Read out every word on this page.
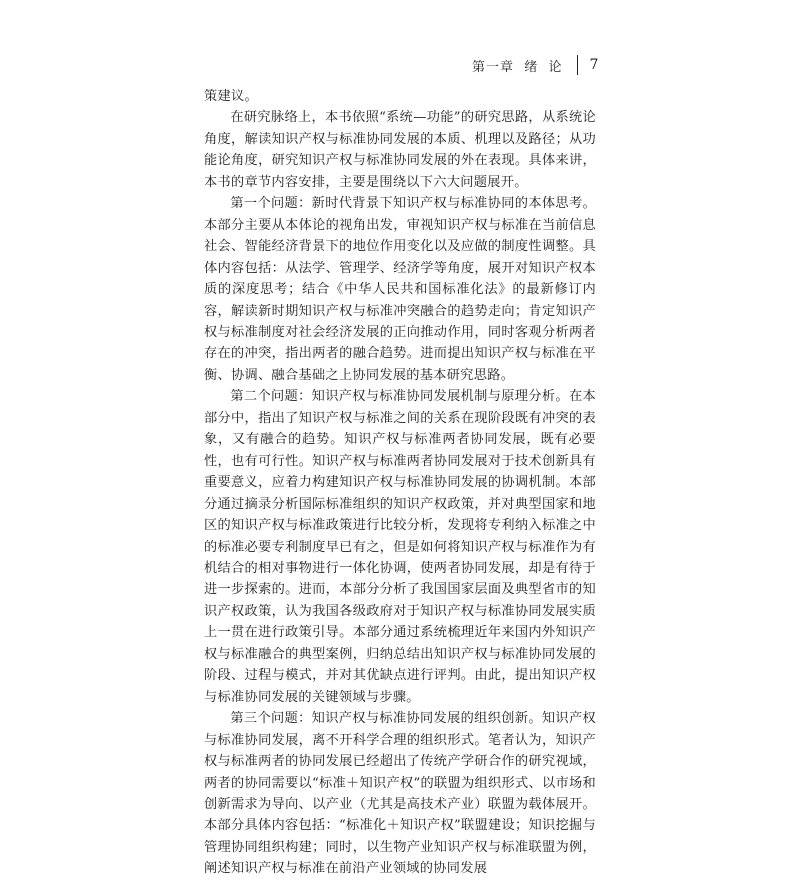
第一章  绪  论 7

策建议。

在研究脉络上，本书依照“系统—功能”的研究思路，从系统论角度，解读知识产权与标准协同发展的本质、机理以及路径；从功能论角度，研究知识产权与标准协同发展的外在表现。具体来讲，本书的章节内容安排，主要是围绕以下六大问题展开。

第一个问题：新时代背景下知识产权与标准协同的本体思考。本部分主要从本体论的视角出发，审视知识产权与标准在当前信息社会、智能经济背景下的地位作用变化以及应做的制度性调整。具体内容包括：从法学、管理学、经济学等角度，展开对知识产权本质的深度思考；结合《中华人民共和国标准化法》的最新修订内容，解读新时期知识产权与标准冲突融合的趋势走向；肯定知识产权与标准制度对社会经济发展的正向推动作用，同时客观分析两者存在的冲突，指出两者的融合趋势。进而提出知识产权与标准在平衡、协调、融合基础之上协同发展的基本研究思路。

第二个问题：知识产权与标准协同发展机制与原理分析。在本部分中，指出了知识产权与标准之间的关系在现阶段既有冲突的表象，又有融合的趋势。知识产权与标准两者协同发展，既有必要性，也有可行性。知识产权与标准两者协同发展对于技术创新具有重要意义，应着力构建知识产权与标准协同发展的协调机制。本部分通过摘录分析国际标准组织的知识产权政策，并对典型国家和地区的知识产权与标准政策进行比较分析，发现将专利纳入标准之中的标准必要专利制度早已有之，但是如何将知识产权与标准作为有机结合的相对事物进行一体化协调，使两者协同发展，却是有待于进一步探索的。进而，本部分分析了我国国家层面及典型省市的知识产权政策，认为我国各级政府对于知识产权与标准协同发展实质上一贯在进行政策引导。本部分通过系统梳理近年来国内外知识产权与标准融合的典型案例，归纳总结出知识产权与标准协同发展的阶段、过程与模式，并对其优缺点进行评判。由此，提出知识产权与标准协同发展的关键领域与步骤。

第三个问题：知识产权与标准协同发展的组织创新。知识产权与标准协同发展，离不开科学合理的组织形式。笔者认为，知识产权与标准两者的协同发展已经超出了传统产学研合作的研究视域，两者的协同需要以“标准＋知识产权”的联盟为组织形式、以市场和创新需求为导向、以产业（尤其是高技术产业）联盟为载体展开。本部分具体内容包括：“标准化＋知识产权”联盟建设；知识挖掘与管理协同组织构建；同时，以生物产业知识产权与标准联盟为例，阐述知识产权与标准在前沿产业领域的协同发展
